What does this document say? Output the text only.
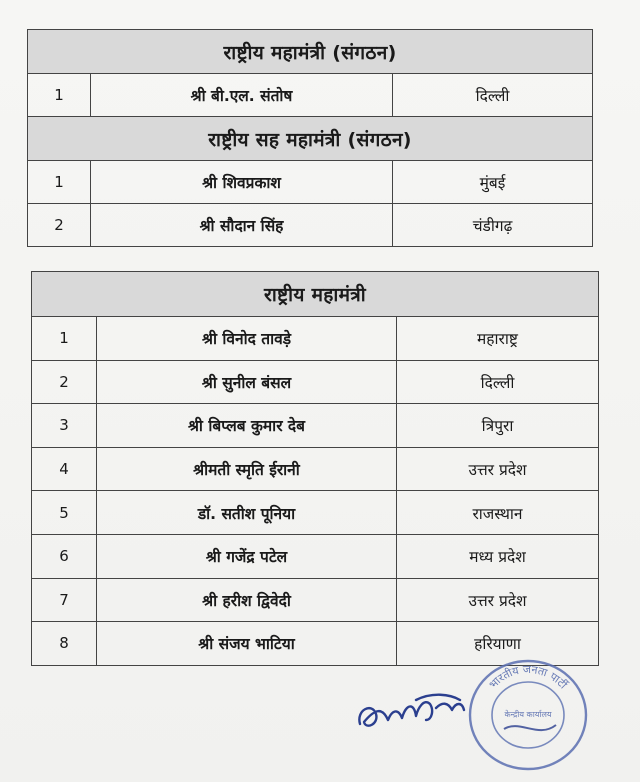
राष्ट्रीय महामंत्री (संगठन)		
1	श्री बी.एल. संतोष	दिल्ली
राष्ट्रीय सह महामंत्री (संगठन)		
1	श्री शिवप्रकाश	मुंबई
2	श्री सौदान सिंह	चंडीगढ़
राष्ट्रीय महामंत्री		
1	श्री विनोद तावड़े	महाराष्ट्र
2	श्री सुनील बंसल	दिल्ली
3	श्री बिप्लब कुमार देब	त्रिपुरा
4	श्रीमती स्मृति ईरानी	उत्तर प्रदेश
5	डॉ. सतीश पूनिया	राजस्थान
6	श्री गजेंद्र पटेल	मध्य प्रदेश
7	श्री हरीश द्विवेदी	उत्तर प्रदेश
8	श्री संजय भाटिया	हरियाणा
भारतीय जनता पार्टी
केन्द्रीय कार्यालय
